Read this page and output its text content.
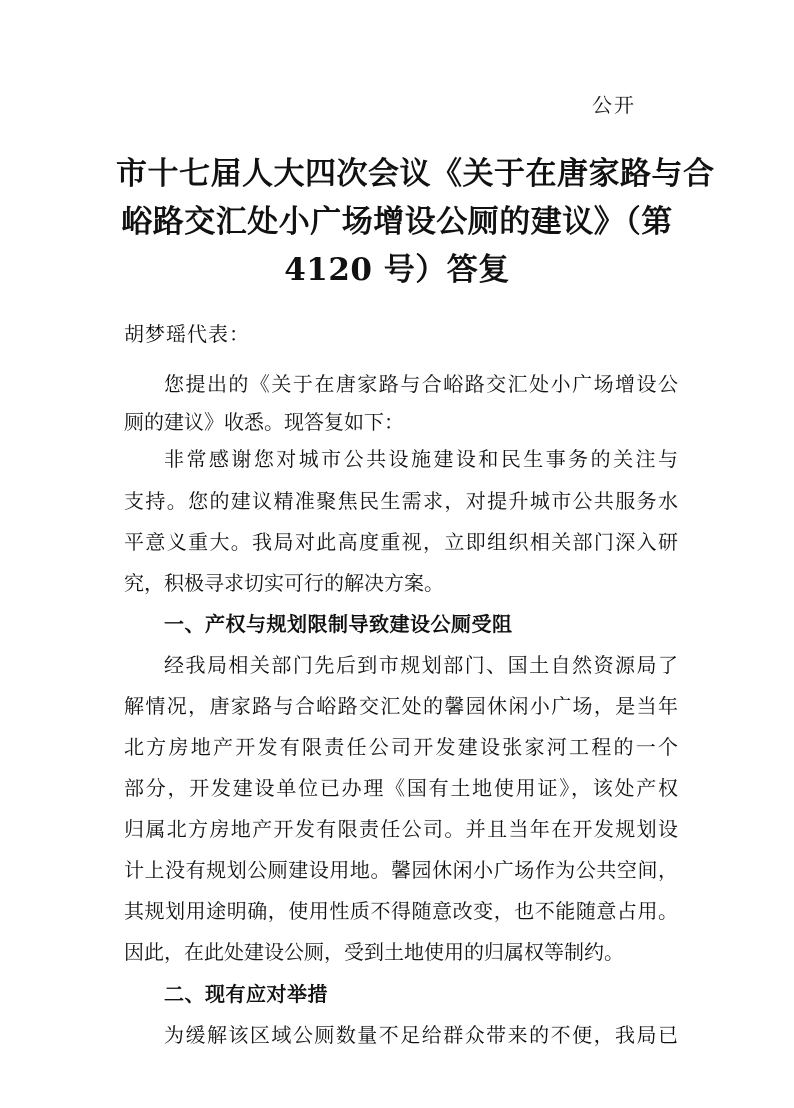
公开
市十七届人大四次会议《关于在唐家路与合
峪路交汇处小广场增设公厕的建议》（第
4120 号）答复
胡梦瑶代表：
您提出的《关于在唐家路与合峪路交汇处小广场增设公
厕的建议》收悉。现答复如下：
非常感谢您对城市公共设施建设和民生事务的关注与
支持。您的建议精准聚焦民生需求，对提升城市公共服务水
平意义重大。我局对此高度重视，立即组织相关部门深入研
究，积极寻求切实可行的解决方案。
一、产权与规划限制导致建设公厕受阻
经我局相关部门先后到市规划部门、国土自然资源局了
解情况，唐家路与合峪路交汇处的馨园休闲小广场，是当年
北方房地产开发有限责任公司开发建设张家河工程的一个
部分，开发建设单位已办理《国有土地使用证》，该处产权
归属北方房地产开发有限责任公司。并且当年在开发规划设
计上没有规划公厕建设用地。馨园休闲小广场作为公共空间，
其规划用途明确，使用性质不得随意改变，也不能随意占用。
因此，在此处建设公厕，受到土地使用的归属权等制约。
二、现有应对举措
为缓解该区域公厕数量不足给群众带来的不便，我局已
